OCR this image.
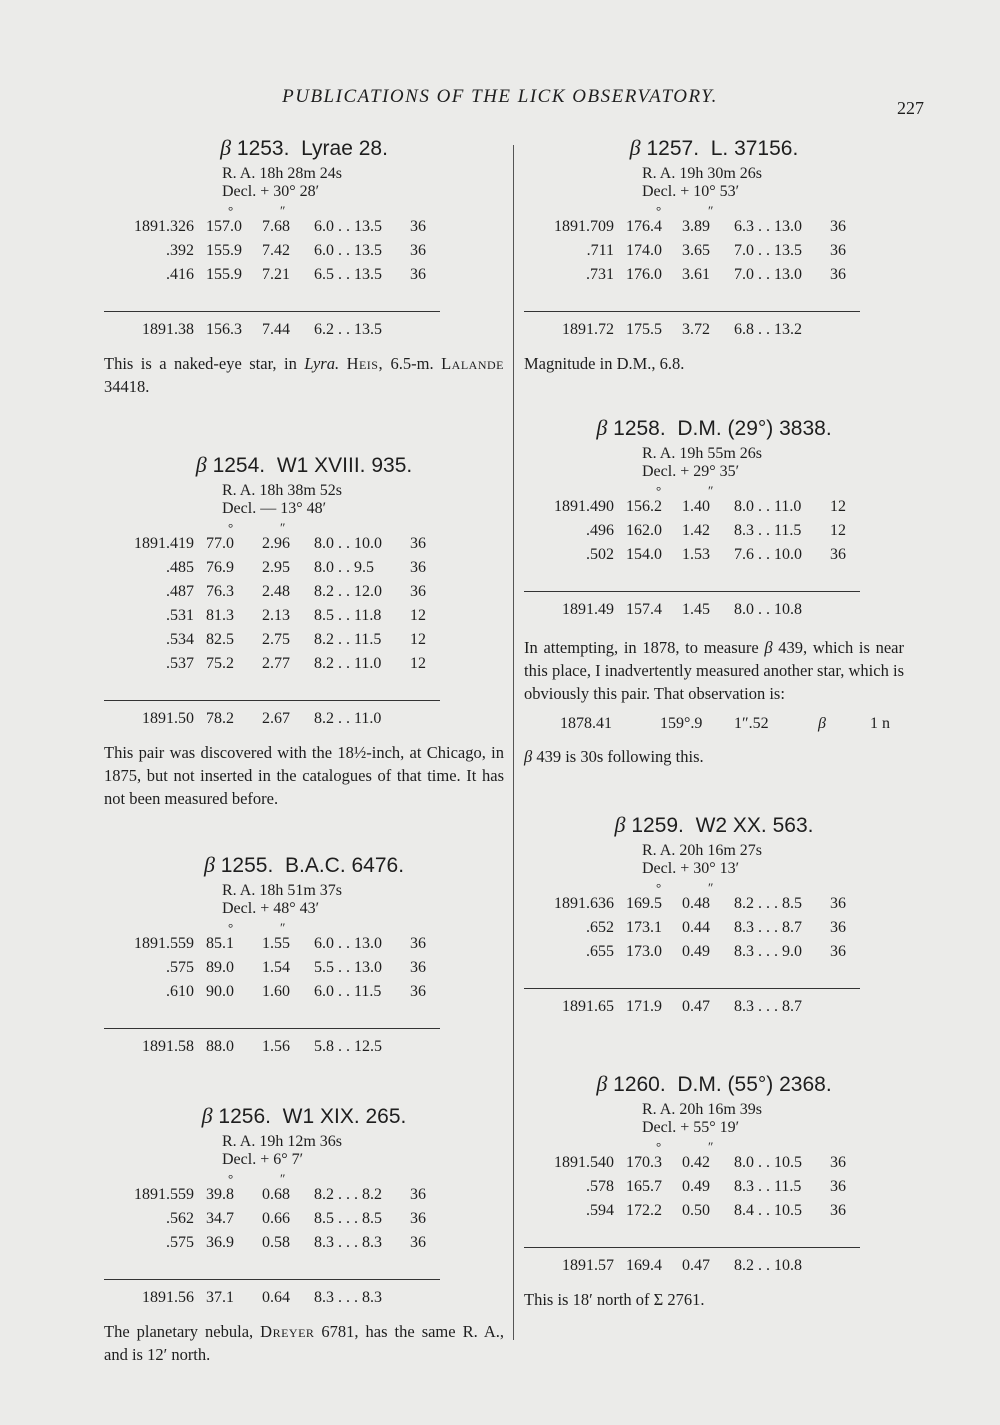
PUBLICATIONS OF THE LICK OBSERVATORY.
227
β 1253. Lyrae 28.
R. A. 18h 28m 24s
Decl. + 30° 28′
°	″
1891.326	157.0	7.68	6.0 . . 13.5	36
.392	155.9	7.42	6.0 . . 13.5	36
.416	155.9	7.21	6.5 . . 13.5	36

1891.38	156.3	7.44	6.2 . . 13.5	
This is a naked-eye star, in Lyra. Heis, 6.5-m. Lalande 34418.
β 1254. W1 XVIII. 935.
R. A. 18h 38m 52s
Decl. — 13° 48′
°	″
1891.419	77.0	2.96	8.0 . . 10.0	36
.485	76.9	2.95	8.0 . . 9.5	36
.487	76.3	2.48	8.2 . . 12.0	36
.531	81.3	2.13	8.5 . . 11.8	12
.534	82.5	2.75	8.2 . . 11.5	12
.537	75.2	2.77	8.2 . . 11.0	12

1891.50	78.2	2.67	8.2 . . 11.0	
This pair was discovered with the 18½-inch, at Chicago, in 1875, but not inserted in the catalogues of that time. It has not been measured before.
β 1255. B.A.C. 6476.
R. A. 18h 51m 37s
Decl. + 48° 43′
°	″
1891.559	85.1	1.55	6.0 . . 13.0	36
.575	89.0	1.54	5.5 . . 13.0	36
.610	90.0	1.60	6.0 . . 11.5	36

1891.58	88.0	1.56	5.8 . . 12.5	
β 1256. W1 XIX. 265.
R. A. 19h 12m 36s
Decl. + 6° 7′
°	″
1891.559	39.8	0.68	8.2 . . . 8.2	36
.562	34.7	0.66	8.5 . . . 8.5	36
.575	36.9	0.58	8.3 . . . 8.3	36

1891.56	37.1	0.64	8.3 . . . 8.3	
The planetary nebula, Dreyer 6781, has the same R. A., and is 12′ north.
β 1257. L. 37156.
R. A. 19h 30m 26s
Decl. + 10° 53′
°	″
1891.709	176.4	3.89	6.3 . . 13.0	36
.711	174.0	3.65	7.0 . . 13.5	36
.731	176.0	3.61	7.0 . . 13.0	36

1891.72	175.5	3.72	6.8 . . 13.2	
Magnitude in D.M., 6.8.
β 1258. D.M. (29°) 3838.
R. A. 19h 55m 26s
Decl. + 29° 35′
°	″
1891.490	156.2	1.40	8.0 . . 11.0	12
.496	162.0	1.42	8.3 . . 11.5	12
.502	154.0	1.53	7.6 . . 10.0	36

1891.49	157.4	1.45	8.0 . . 10.8	
In attempting, in 1878, to measure β 439, which is near this place, I inadvertently measured another star, which is obviously this pair. That observation is:
1878.41	159°.9 1″.52	β	1 n
β 439 is 30s following this.
β 1259. W2 XX. 563.
R. A. 20h 16m 27s
Decl. + 30° 13′
°	″
1891.636	169.5	0.48	8.2 . . . 8.5	36
.652	173.1	0.44	8.3 . . . 8.7	36
.655	173.0	0.49	8.3 . . . 9.0	36

1891.65	171.9	0.47	8.3 . . . 8.7	
β 1260. D.M. (55°) 2368.
R. A. 20h 16m 39s
Decl. + 55° 19′
°	″
1891.540	170.3	0.42	8.0 . . 10.5	36
.578	165.7	0.49	8.3 . . 11.5	36
.594	172.2	0.50	8.4 . . 10.5	36

1891.57	169.4	0.47	8.2 . . 10.8	
This is 18′ north of Σ 2761.
